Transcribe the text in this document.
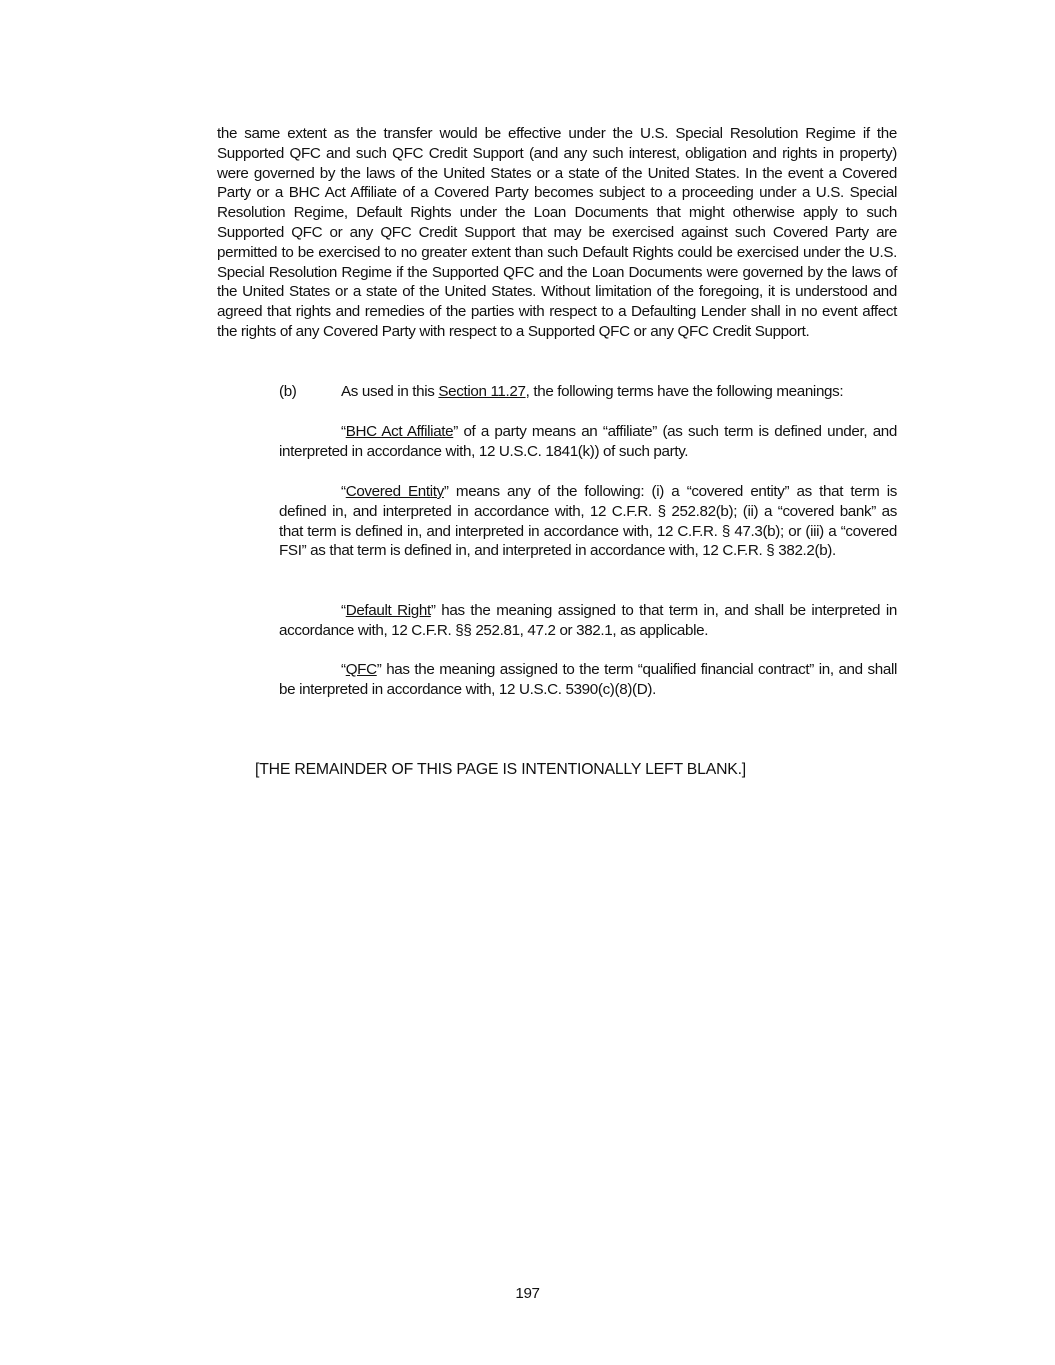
the same extent as the transfer would be effective under the U.S. Special Resolution Regime if the Supported QFC and such QFC Credit Support (and any such interest, obligation and rights in property) were governed by the laws of the United States or a state of the United States. In the event a Covered Party or a BHC Act Affiliate of a Covered Party becomes subject to a proceeding under a U.S. Special Resolution Regime, Default Rights under the Loan Documents that might otherwise apply to such Supported QFC or any QFC Credit Support that may be exercised against such Covered Party are permitted to be exercised to no greater extent than such Default Rights could be exercised under the U.S. Special Resolution Regime if the Supported QFC and the Loan Documents were governed by the laws of the United States or a state of the United States. Without limitation of the foregoing, it is understood and agreed that rights and remedies of the parties with respect to a Defaulting Lender shall in no event affect the rights of any Covered Party with respect to a Supported QFC or any QFC Credit Support.

(b)	As used in this Section 11.27, the following terms have the following meanings:

“BHC Act Affiliate” of a party means an “affiliate” (as such term is defined under, and interpreted in accordance with, 12 U.S.C. 1841(k)) of such party.

“Covered Entity” means any of the following: (i) a “covered entity” as that term is defined in, and interpreted in accordance with, 12 C.F.R. § 252.82(b); (ii) a “covered bank” as that term is defined in, and interpreted in accordance with, 12 C.F.R. § 47.3(b); or (iii) a “covered FSI” as that term is defined in, and interpreted in accordance with, 12 C.F.R. § 382.2(b).

“Default Right” has the meaning assigned to that term in, and shall be interpreted in accordance with, 12 C.F.R. §§ 252.81, 47.2 or 382.1, as applicable.

“QFC” has the meaning assigned to the term “qualified financial contract” in, and shall be interpreted in accordance with, 12 U.S.C. 5390(c)(8)(D).

[THE REMAINDER OF THIS PAGE IS INTENTIONALLY LEFT BLANK.]

197
